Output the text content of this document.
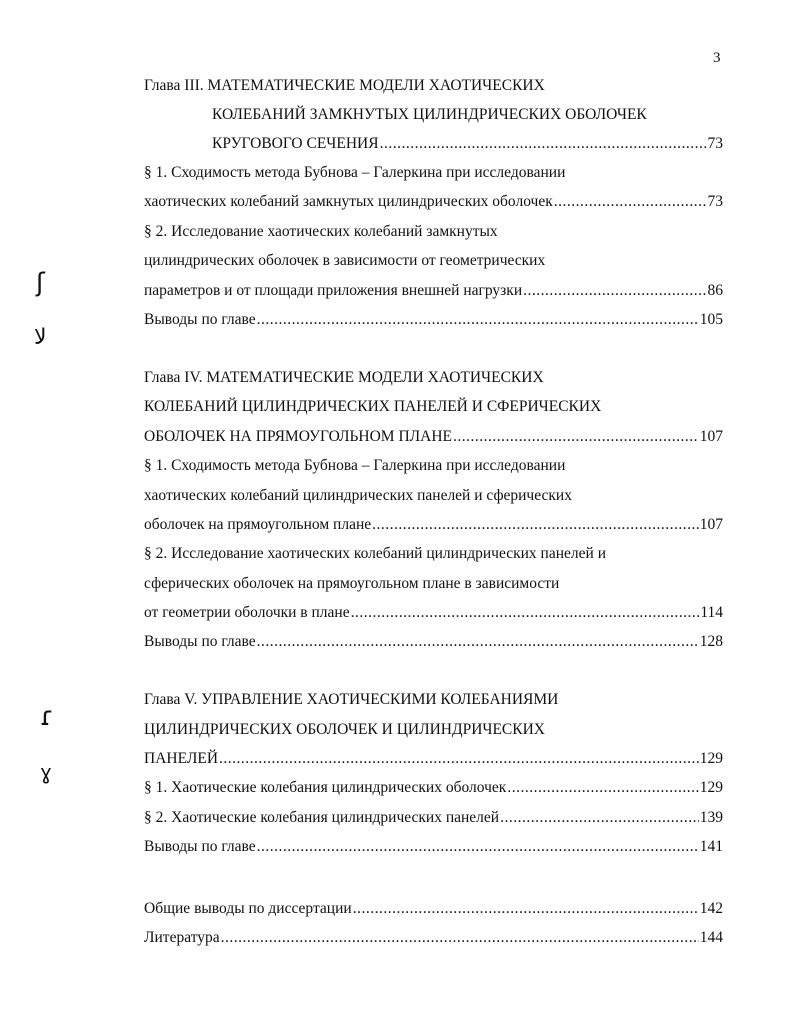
3
ʃ
ﻻ
ɾ
ɣ
Глава III. МАТЕМАТИЧЕСКИЕ МОДЕЛИ ХАОТИЧЕСКИХ
КОЛЕБАНИЙ ЗАМКНУТЫХ ЦИЛИНДРИЧЕСКИХ ОБОЛОЧЕК
КРУГОВОГО СЕЧЕНИЯ .....	73
§ 1. Сходимость метода Бубнова – Галеркина при исследовании
хаотических колебаний замкнутых цилиндрических оболочек .....	73
§ 2. Исследование хаотических колебаний замкнутых
цилиндрических оболочек в зависимости от геометрических
параметров и от площади приложения внешней нагрузки .....	86
Выводы по главе .....	105
Глава IV. МАТЕМАТИЧЕСКИЕ МОДЕЛИ ХАОТИЧЕСКИХ
КОЛЕБАНИЙ ЦИЛИНДРИЧЕСКИХ ПАНЕЛЕЙ И СФЕРИЧЕСКИХ
ОБОЛОЧЕК НА ПРЯМОУГОЛЬНОМ ПЛАНЕ .....	107
§ 1. Сходимость метода Бубнова – Галеркина при исследовании
хаотических колебаний цилиндрических панелей и сферических
оболочек на прямоугольном плане .....	107
§ 2. Исследование хаотических колебаний цилиндрических панелей и
сферических оболочек на прямоугольном плане в зависимости
от геометрии оболочки в плане .....	114
Выводы по главе .....	128
Глава V. УПРАВЛЕНИЕ ХАОТИЧЕСКИМИ КОЛЕБАНИЯМИ
ЦИЛИНДРИЧЕСКИХ ОБОЛОЧЕК И ЦИЛИНДРИЧЕСКИХ
ПАНЕЛЕЙ .....	129
§ 1. Хаотические колебания цилиндрических оболочек .....	129
§ 2. Хаотические колебания цилиндрических панелей .....	139
Выводы по главе .....	141
Общие выводы по диссертации .....	142
Литература .....	144
